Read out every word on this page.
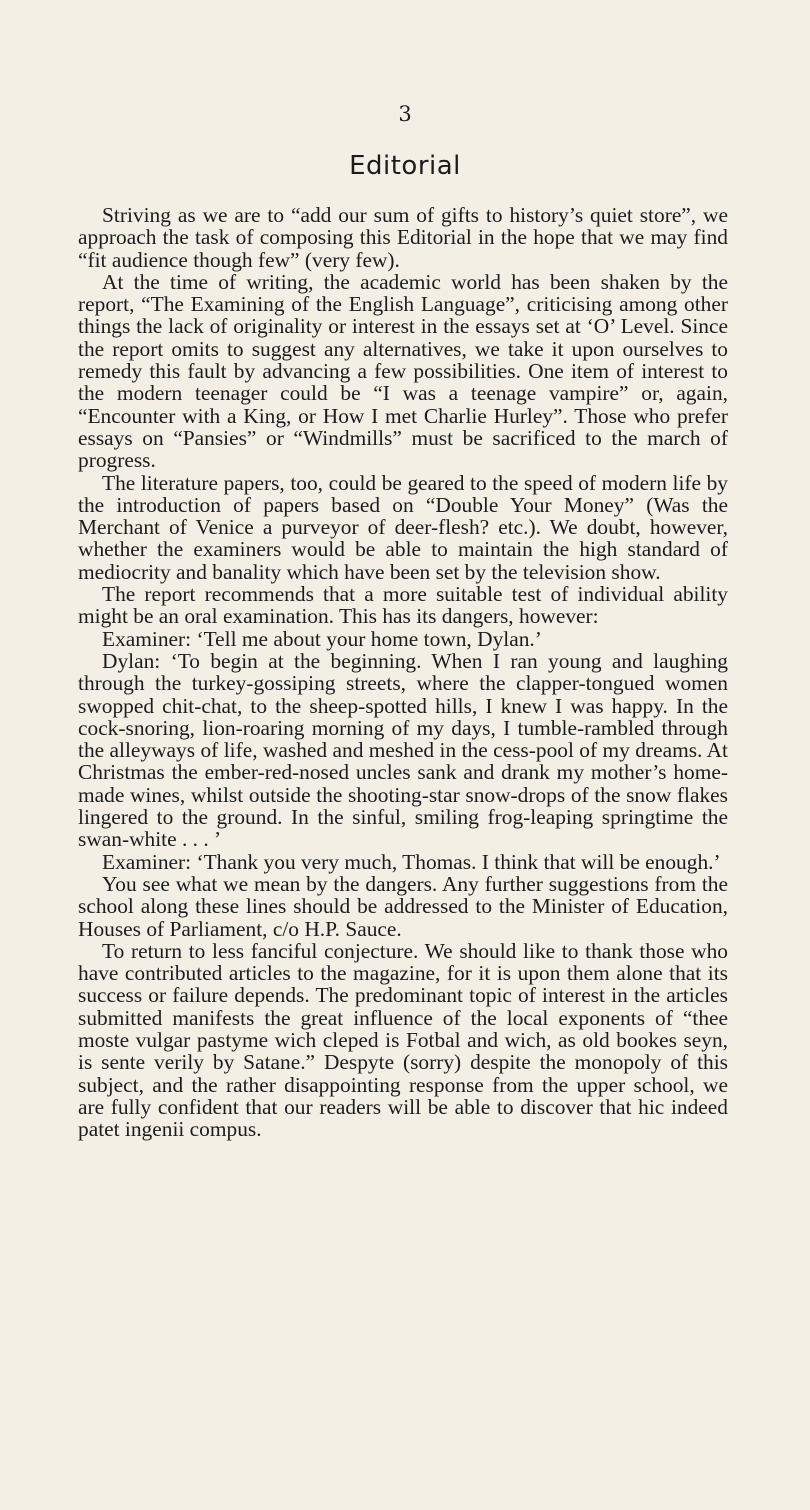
3
Editorial

Striving as we are to “add our sum of gifts to history’s quiet store”, we approach the task of composing this Editorial in the hope that we may find “fit audience though few” (very few).

At the time of writing, the academic world has been shaken by the report, “The Examining of the English Language”, criticising among other things the lack of originality or interest in the essays set at ‘O’ Level. Since the report omits to suggest any alternatives, we take it upon ourselves to remedy this fault by advancing a few possibilities. One item of interest to the modern teenager could be “I was a teenage vampire” or, again, “Encounter with a King, or How I met Charlie Hurley”. Those who prefer essays on “Pansies” or “Windmills” must be sacrificed to the march of progress.

The literature papers, too, could be geared to the speed of modern life by the introduction of papers based on “Double Your Money” (Was the Merchant of Venice a purveyor of deer-flesh? etc.). We doubt, however, whether the examiners would be able to maintain the high standard of mediocrity and banality which have been set by the television show.

The report recommends that a more suitable test of individual ability might be an oral examination. This has its dangers, however:

Examiner: ‘Tell me about your home town, Dylan.’

Dylan: ‘To begin at the beginning. When I ran young and laughing through the turkey-gossiping streets, where the clapper-tongued women swopped chit-chat, to the sheep-spotted hills, I knew I was happy. In the cock-snoring, lion-roaring morning of my days, I tumble-rambled through the alleyways of life, washed and meshed in the cess-pool of my dreams. At Christmas the ember-red-nosed uncles sank and drank my mother’s home-made wines, whilst outside the shooting-star snow-drops of the snow flakes lingered to the ground. In the sinful, smiling frog-leaping springtime the swan-white . . . ’

Examiner: ‘Thank you very much, Thomas. I think that will be enough.’

You see what we mean by the dangers. Any further suggestions from the school along these lines should be addressed to the Minister of Education, Houses of Parliament, c/o H.P. Sauce.

To return to less fanciful conjecture. We should like to thank those who have contributed articles to the magazine, for it is upon them alone that its success or failure depends. The predominant topic of interest in the articles submitted manifests the great influence of the local exponents of “thee moste vulgar pastyme wich cleped is Fotbal and wich, as old bookes seyn, is sente verily by Satane.” Despyte (sorry) despite the monopoly of this subject, and the rather disappointing response from the upper school, we are fully confident that our readers will be able to discover that hic indeed patet ingenii compus.
